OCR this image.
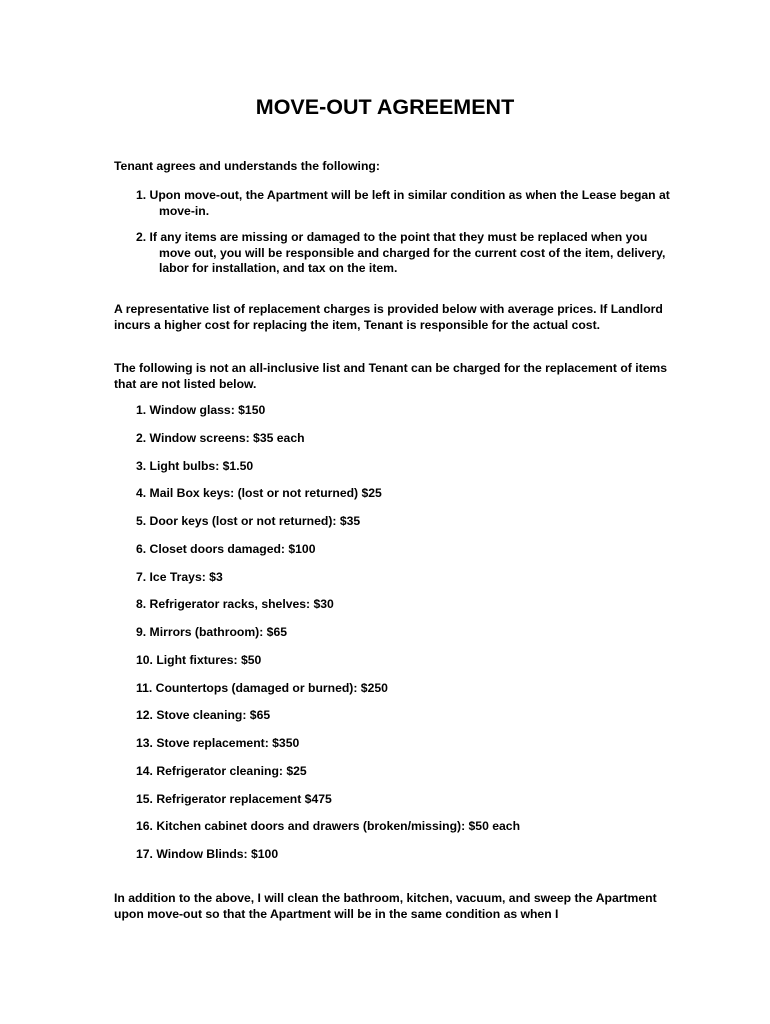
MOVE-OUT AGREEMENT

Tenant agrees and understands the following:

1. Upon move-out, the Apartment will be left in similar condition as when the Lease began at move-in.
2. If any items are missing or damaged to the point that they must be replaced when you move out, you will be responsible and charged for the current cost of the item, delivery, labor for installation, and tax on the item.

A representative list of replacement charges is provided below with average prices. If Landlord incurs a higher cost for replacing the item, Tenant is responsible for the actual cost.

The following is not an all-inclusive list and Tenant can be charged for the replacement of items that are not listed below.

1. Window glass: $150
2. Window screens: $35 each
3. Light bulbs: $1.50
4. Mail Box keys: (lost or not returned) $25
5. Door keys (lost or not returned): $35
6. Closet doors damaged: $100
7. Ice Trays: $3
8. Refrigerator racks, shelves: $30
9. Mirrors (bathroom): $65
10. Light fixtures: $50
11. Countertops (damaged or burned): $250
12. Stove cleaning: $65
13. Stove replacement: $350
14. Refrigerator cleaning: $25
15. Refrigerator replacement $475
16. Kitchen cabinet doors and drawers (broken/missing): $50 each
17. Window Blinds: $100

In addition to the above, I will clean the bathroom, kitchen, vacuum, and sweep the Apartment upon move-out so that the Apartment will be in the same condition as when I
